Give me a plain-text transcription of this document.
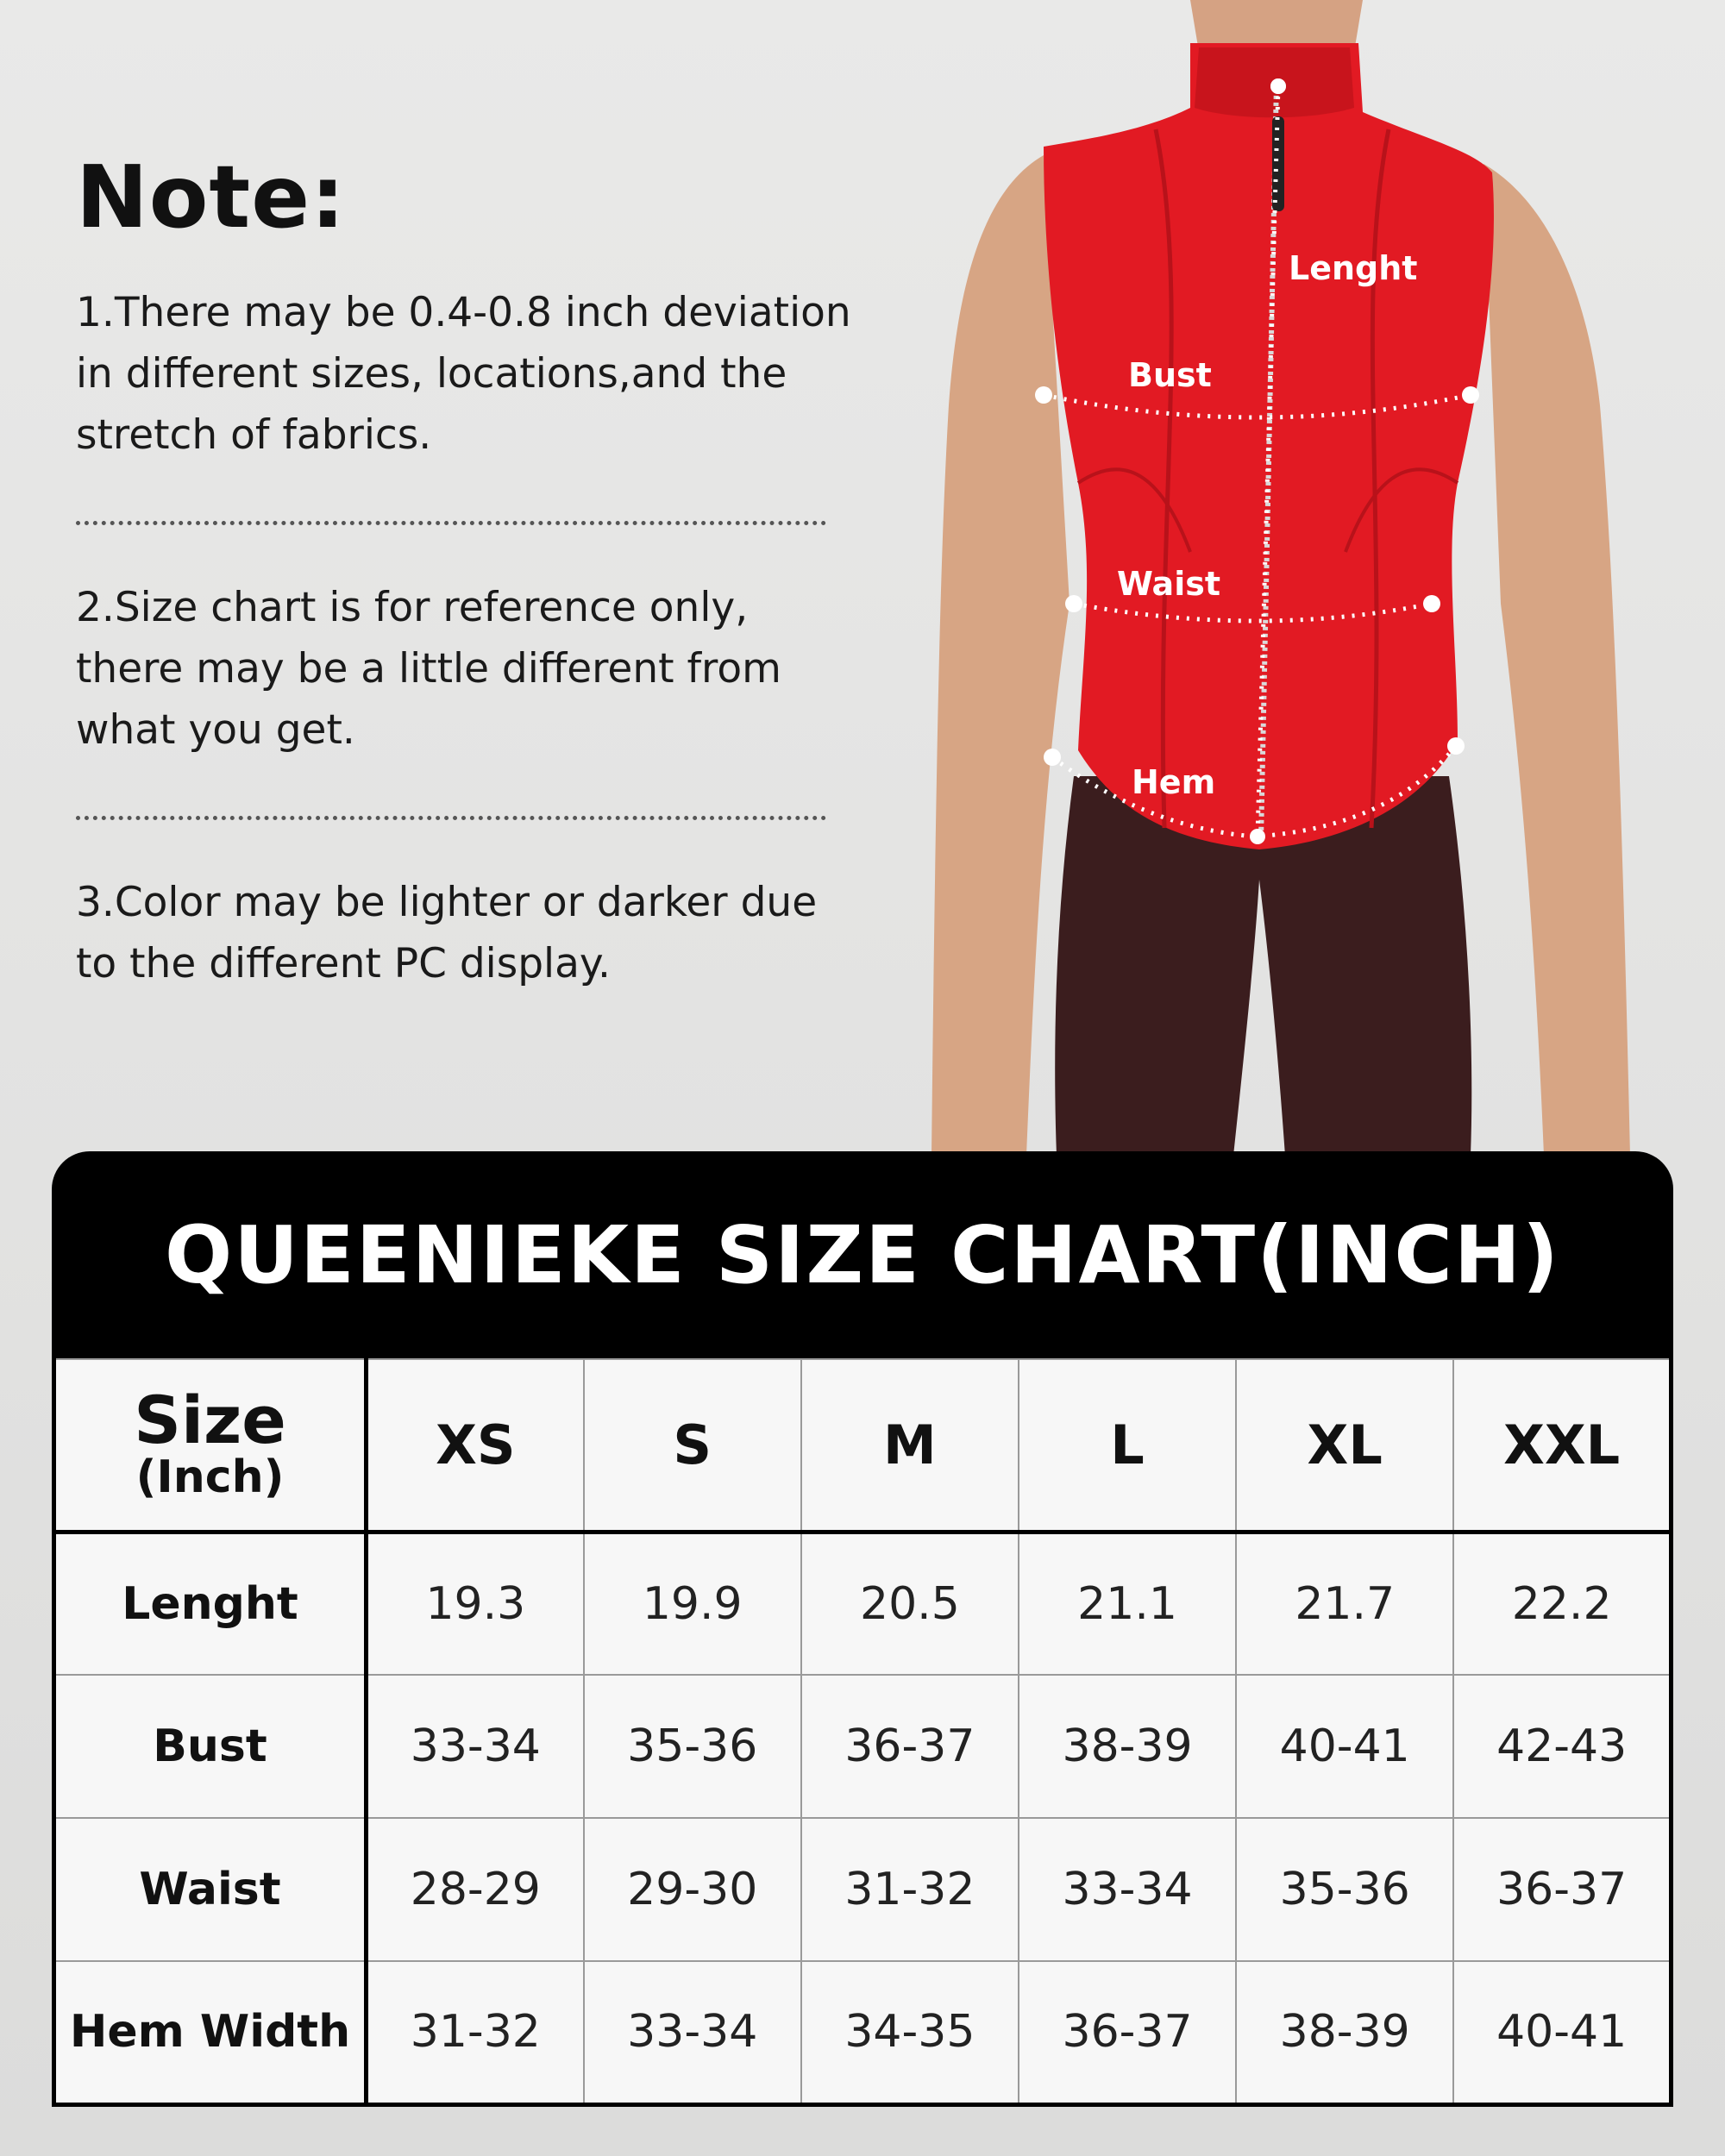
Note:
1.There may be 0.4-0.8 inch deviation in different sizes, locations,and the stretch of fabrics.
2.Size chart is for reference only, there may be a little different from what you get.
3.Color may be lighter or darker due to the different PC display.
Lenght
Bust
Waist
Hem
QUEENIEKE SIZE CHART(INCH)
Size
(Inch)	XS	S	M	L	XL	XXL
Lenght	19.3	19.9	20.5	21.1	21.7	22.2
Bust	33-34	35-36	36-37	38-39	40-41	42-43
Waist	28-29	29-30	31-32	33-34	35-36	36-37
Hem Width	31-32	33-34	34-35	36-37	38-39	40-41
